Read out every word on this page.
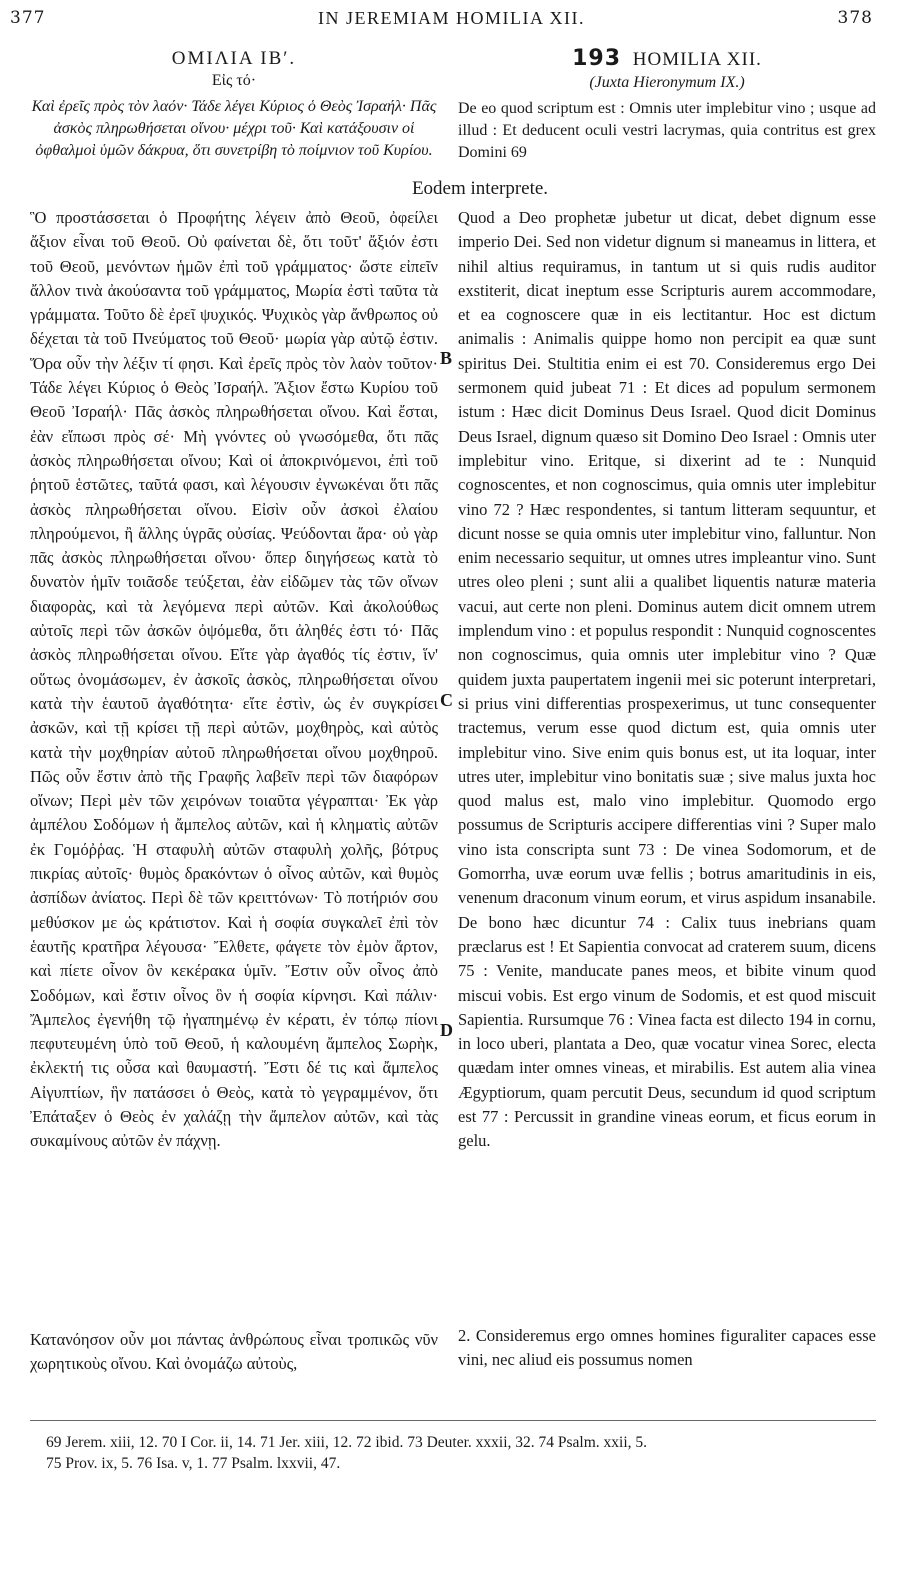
377	IN JEREMIAM HOMILIA XII.	378
ΟΜΙΛΙΑ ΙΒʹ.
Εἰς τό·
Καὶ ἐρεῖς πρὸς τὸν λαόν· Τάδε λέγει Κύριος ὁ Θεὸς Ἰσραήλ· Πᾶς ἀσκὸς πληρωθήσεται οἴνου· μέχρι τοῦ· Καὶ κατάξουσιν οἱ ὀφθαλμοὶ ὑμῶν δάκρυα, ὅτι συνετρίβη τὸ ποίμνιον τοῦ Κυρίου.
193 HOMILIA XII.
(Juxta Hieronymum IX.)
De eo quod scriptum est : Omnis uter implebitur vino ; usque ad illud : Et deducent oculi vestri lacrymas, quia contritus est grex Domini 69
Eodem interprete.
Ὃ προστάσσεται ὁ Προφήτης λέγειν ἀπὸ Θεοῦ, ὀφείλει ἄξιον εἶναι τοῦ Θεοῦ. Οὐ φαίνεται δὲ, ὅτι τοῦτ' ἄξιόν ἐστι τοῦ Θεοῦ, μενόντων ἡμῶν ἐπὶ τοῦ γράμματος· ὥστε εἰπεῖν ἄλλον τινὰ ἀκούσαντα τοῦ γράμματος, Μωρία ἐστὶ ταῦτα τὰ γράμματα. Τοῦτο δὲ ἐρεῖ ψυχικός. Ψυχικὸς γὰρ ἄνθρωπος οὐ δέχεται τὰ τοῦ Πνεύματος τοῦ Θεοῦ· μωρία γὰρ αὐτῷ ἐστιν. Ὅρα οὖν τὴν λέξιν τί φησι. Καὶ ἐρεῖς πρὸς τὸν λαὸν τοῦτον· Τάδε λέγει Κύριος ὁ Θεὸς Ἰσραήλ. Ἄξιον ἔστω Κυρίου τοῦ Θεοῦ Ἰσραήλ· Πᾶς ἀσκὸς πληρωθήσεται οἴνου. Καὶ ἔσται, ἐὰν εἴπωσι πρὸς σέ· Μὴ γνόντες οὐ γνωσόμεθα, ὅτι πᾶς ἀσκὸς πληρωθήσεται οἴνου; Καὶ οἱ ἀποκρινόμενοι, ἐπὶ τοῦ ῥητοῦ ἑστῶτες, ταῦτά φασι, καὶ λέγουσιν ἐγνωκέναι ὅτι πᾶς ἀσκὸς πληρωθήσεται οἴνου. Εἰσὶν οὖν ἀσκοὶ ἐλαίου πληρούμενοι, ἢ ἄλλης ὑγρᾶς οὐσίας. Ψεύδονται ἄρα· οὐ γὰρ πᾶς ἀσκὸς πληρωθήσεται οἴνου· ὅπερ διηγήσεως κατὰ τὸ δυνατὸν ἡμῖν τοιᾶσδε τεύξεται, ἐὰν εἰδῶμεν τὰς τῶν οἴνων διαφορὰς, καὶ τὰ λεγόμενα περὶ αὐτῶν. Καὶ ἀκολούθως αὐτοῖς περὶ τῶν ἀσκῶν ὀψόμεθα, ὅτι ἀληθές ἐστι τό· Πᾶς ἀσκὸς πληρωθήσεται οἴνου. Εἴτε γὰρ ἀγαθός τίς ἐστιν, ἵν' οὕτως ὀνομάσωμεν, ἐν ἀσκοῖς ἀσκὸς, πληρωθήσεται οἴνου κατὰ τὴν ἑαυτοῦ ἀγαθότητα· εἴτε ἐστὶν, ὡς ἐν συγκρίσει ἀσκῶν, καὶ τῇ κρίσει τῇ περὶ αὐτῶν, μοχθηρὸς, καὶ αὐτὸς κατὰ τὴν μοχθηρίαν αὐτοῦ πληρωθήσεται οἴνου μοχθηροῦ. Πῶς οὖν ἔστιν ἀπὸ τῆς Γραφῆς λαβεῖν περὶ τῶν διαφόρων οἴνων; Περὶ μὲν τῶν χειρόνων τοιαῦτα γέγραπται· Ἐκ γὰρ ἀμπέλου Σοδόμων ἡ ἄμπελος αὐτῶν, καὶ ἡ κληματὶς αὐτῶν ἐκ Γομόῤῥας. Ἡ σταφυλὴ αὐτῶν σταφυλὴ χολῆς, βότρυς πικρίας αὐτοῖς· θυμὸς δρακόντων ὁ οἶνος αὐτῶν, καὶ θυμὸς ἀσπίδων ἀνίατος. Περὶ δὲ τῶν κρειττόνων· Τὸ ποτήριόν σου μεθύσκον με ὡς κράτιστον. Καὶ ἡ σοφία συγκαλεῖ ἐπὶ τὸν ἑαυτῆς κρατῆρα λέγουσα· Ἔλθετε, φάγετε τὸν ἐμὸν ἄρτον, καὶ πίετε οἶνον ὃν κεκέρακα ὑμῖν. Ἔστιν οὖν οἶνος ἀπὸ Σοδόμων, καὶ ἔστιν οἶνος ὃν ἡ σοφία κίρνησι. Καὶ πάλιν· Ἄμπελος ἐγενήθη τῷ ἠγαπημένῳ ἐν κέρατι, ἐν τόπῳ πίονι πεφυτευμένη ὑπὸ τοῦ Θεοῦ, ἡ καλουμένη ἄμπελος Σωρὴκ, ἐκλεκτή τις οὖσα καὶ θαυμαστή. Ἔστι δέ τις καὶ ἄμπελος Αἰγυπτίων, ἣν πατάσσει ὁ Θεὸς, κατὰ τὸ γεγραμμένον, ὅτι Ἐπάταξεν ὁ Θεὸς ἐν χαλάζῃ τὴν ἄμπελον αὐτῶν, καὶ τὰς συκαμίνους αὐτῶν ἐν πάχνῃ.
Quod a Deo prophetæ jubetur ut dicat, debet dignum esse imperio Dei. Sed non videtur dignum si maneamus in littera, et nihil altius requiramus, in tantum ut si quis rudis auditor exstiterit, dicat ineptum esse Scripturis aurem accommodare, et ea cognoscere quæ in eis lectitantur. Hoc est dictum animalis : Animalis quippe homo non percipit ea quæ sunt spiritus Dei. Stultitia enim ei est 70. Consideremus ergo Dei sermonem quid jubeat 71 : Et dices ad populum sermonem istum : Hæc dicit Dominus Deus Israel. Quod dicit Dominus Deus Israel, dignum quæso sit Domino Deo Israel : Omnis uter implebitur vino. Eritque, si dixerint ad te : Nunquid cognoscentes, et non cognoscimus, quia omnis uter implebitur vino 72 ? Hæc respondentes, si tantum litteram sequuntur, et dicunt nosse se quia omnis uter implebitur vino, falluntur. Non enim necessario sequitur, ut omnes utres impleantur vino. Sunt utres oleo pleni ; sunt alii a qualibet liquentis naturæ materia vacui, aut certe non pleni. Dominus autem dicit omnem utrem implendum vino : et populus respondit : Nunquid cognoscentes non cognoscimus, quia omnis uter implebitur vino ? Quæ quidem juxta paupertatem ingenii mei sic poterunt interpretari, si prius vini differentias prospexerimus, ut tunc consequenter tractemus, verum esse quod dictum est, quia omnis uter implebitur vino. Sive enim quis bonus est, ut ita loquar, inter utres uter, implebitur vino bonitatis suæ ; sive malus juxta hoc quod malus est, malo vino implebitur. Quomodo ergo possumus de Scripturis accipere differentias vini ? Super malo vino ista conscripta sunt 73 : De vinea Sodomorum, et de Gomorrha, uvæ eorum uvæ fellis ; botrus amaritudinis in eis, venenum draconum vinum eorum, et virus aspidum insanabile. De bono hæc dicuntur 74 : Calix tuus inebrians quam præclarus est ! Et Sapientia convocat ad craterem suum, dicens 75 : Venite, manducate panes meos, et bibite vinum quod miscui vobis. Est ergo vinum de Sodomis, et est quod miscuit Sapientia. Rursumque 76 : Vinea facta est dilecto 194 in cornu, in loco uberi, plantata a Deo, quæ vocatur vinea Sorec, electa quædam inter omnes vineas, et mirabilis. Est autem alia vinea Ægyptiorum, quam percutit Deus, secundum id quod scriptum est 77 : Percussit in grandine vineas eorum, et ficus eorum in gelu.
B
C
D
Κατανόησον οὖν μοι πάντας ἀνθρώπους εἶναι τροπικῶς νῦν χωρητικοὺς οἴνου. Καὶ ὀνομάζω αὐτοὺς,
2. Consideremus ergo omnes homines figuraliter capaces esse vini, nec aliud eis possumus nomen
69 Jerem. xiii, 12. 70 I Cor. ii, 14. 71 Jer. xiii, 12. 72 ibid. 73 Deuter. xxxii, 32. 74 Psalm. xxii, 5.
75 Prov. ix, 5. 76 Isa. v, 1. 77 Psalm. lxxvii, 47.
